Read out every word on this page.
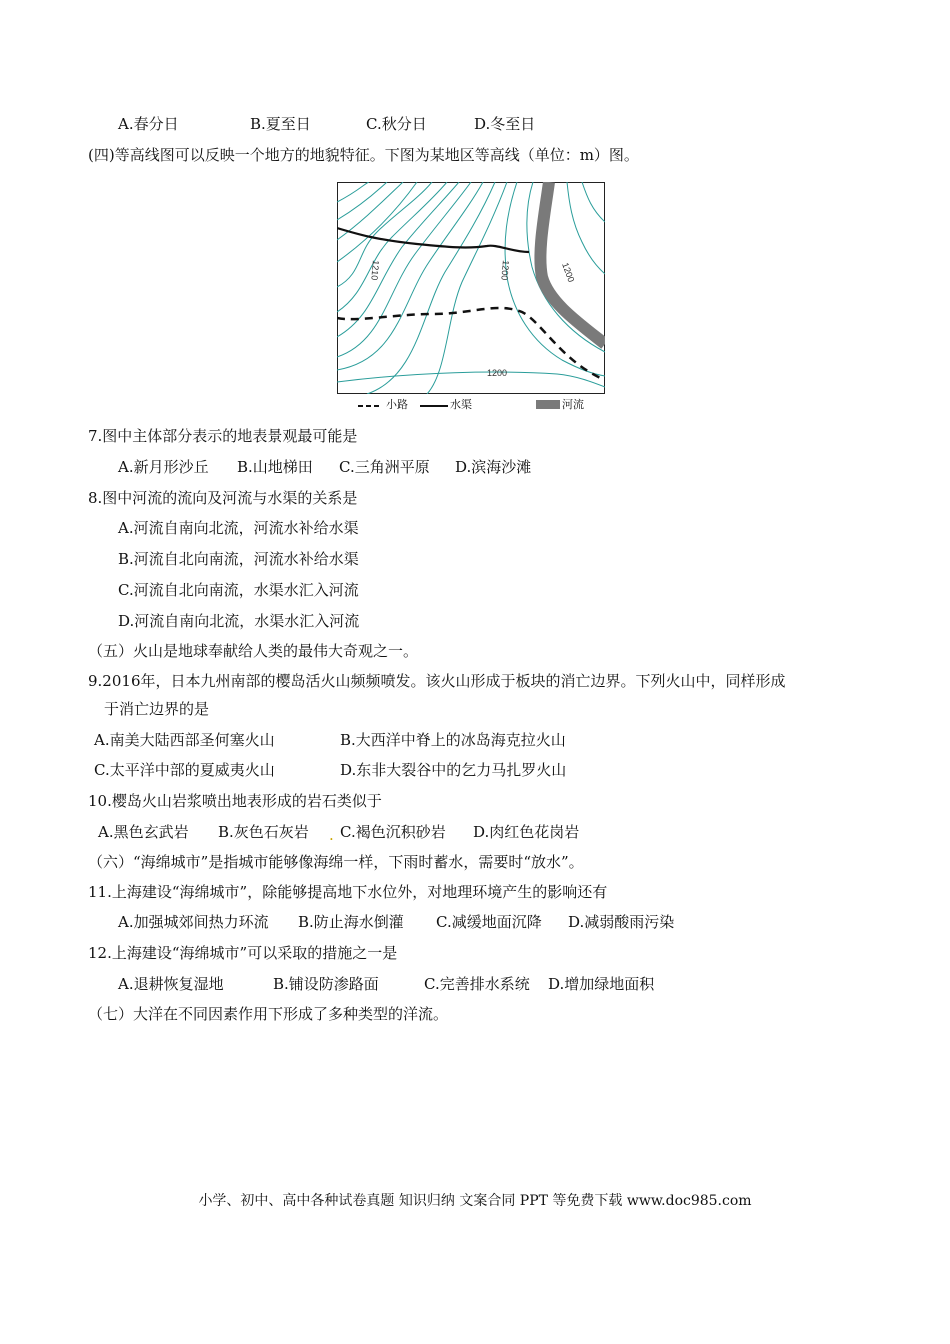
A.春分日	B.夏至日	C.秋分日	D.冬至日
(四)等高线图可以反映一个地方的地貌特征。下图为某地区等高线（单位：m）图。
1210	1200	1200
1200
小路	水渠	河流
7.图中主体部分表示的地表景观最可能是
A.新月形沙丘 B.山地梯田 C.三角洲平原 D.滨海沙滩
8.图中河流的流向及河流与水渠的关系是
A.河流自南向北流，河流水补给水渠
B.河流自北向南流，河流水补给水渠
C.河流自北向南流，水渠水汇入河流
D.河流自南向北流，水渠水汇入河流
（五）火山是地球奉献给人类的最伟大奇观之一。
9.2016年，日本九州南部的樱岛活火山频频喷发。该火山形成于板块的消亡边界。下列火山中，同样形成
于消亡边界的是
A.南美大陆西部圣何塞火山	B.大西洋中脊上的冰岛海克拉火山
C.太平洋中部的夏威夷火山	D.东非大裂谷中的乞力马扎罗火山
10.樱岛火山岩浆喷出地表形成的岩石类似于
A.黑色玄武岩 B.灰色石灰岩 C.褐色沉积砂岩 D.肉红色花岗岩
.
（六）“海绵城市”是指城市能够像海绵一样，下雨时蓄水，需要时“放水”。
11.上海建设“海绵城市”，除能够提高地下水位外，对地理环境产生的影响还有
A.加强城郊间热力环流 B.防止海水倒灌 C.减缓地面沉降 D.减弱酸雨污染
12.上海建设“海绵城市”可以采取的措施之一是
A.退耕恢复湿地	B.铺设防渗路面	C.完善排水系统 D.增加绿地面积
（七）大洋在不同因素作用下形成了多种类型的洋流。
小学、初中、高中各种试卷真题 知识归纳 文案合同 PPT 等免费下载 www.doc985.com
